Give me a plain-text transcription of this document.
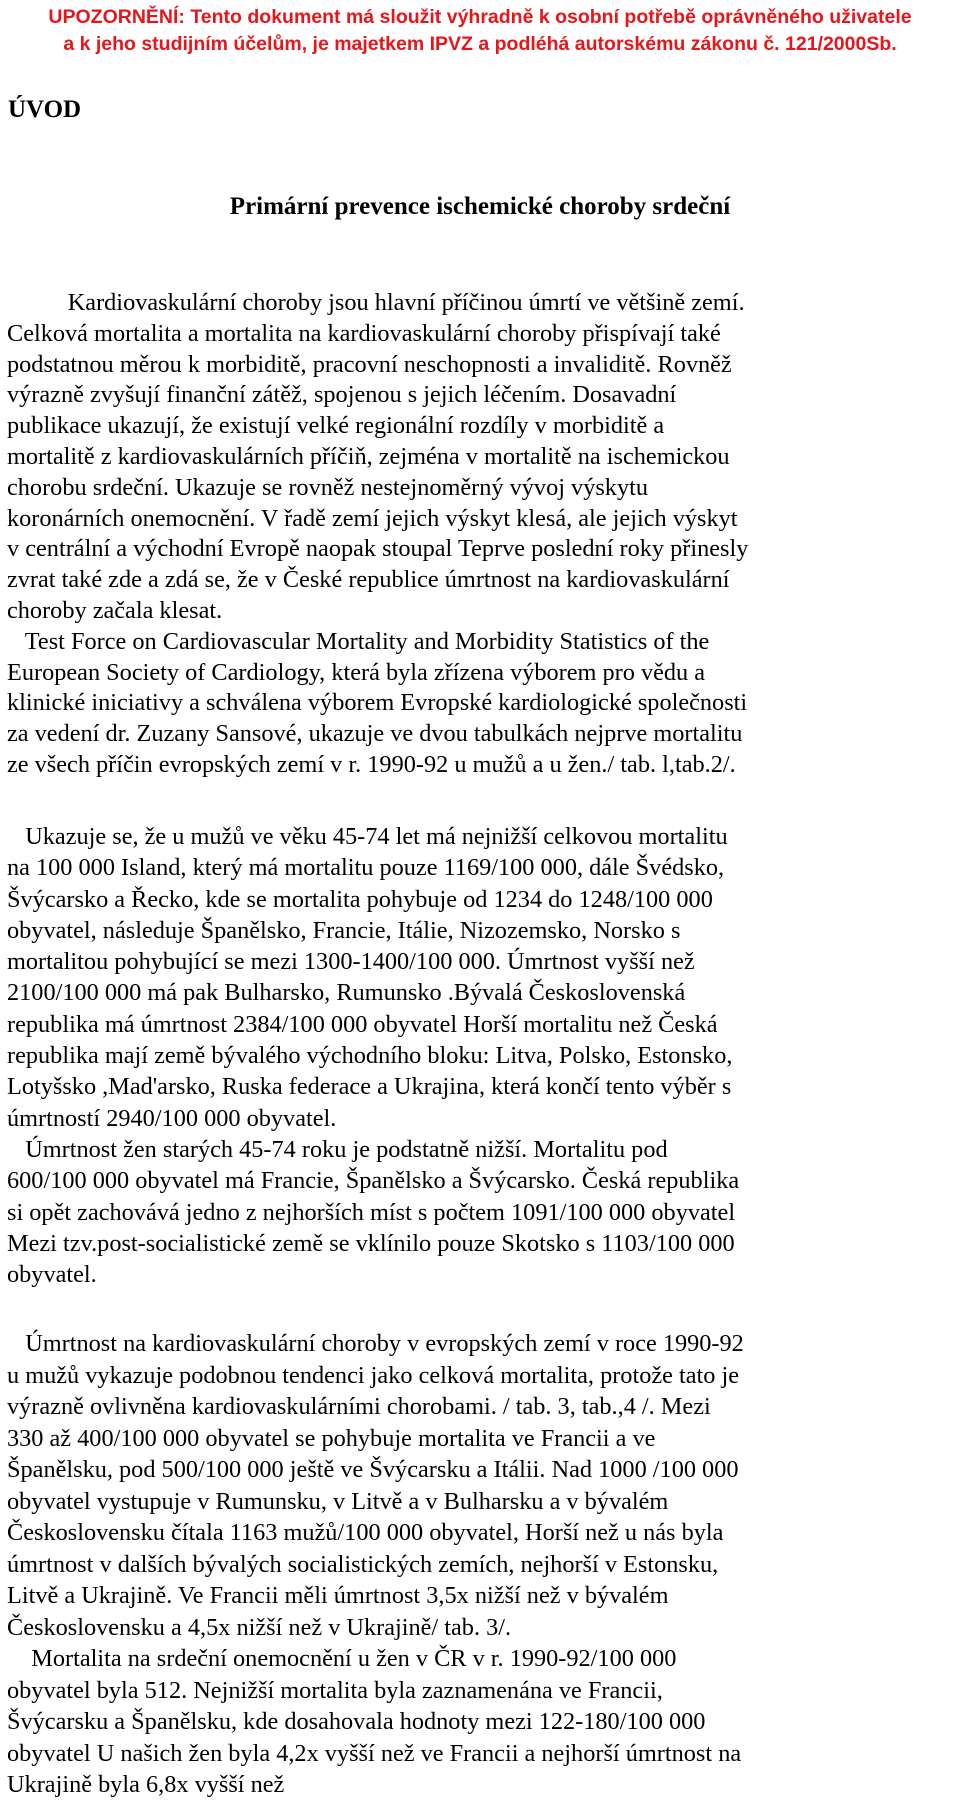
UPOZORNĚNÍ: Tento dokument má sloužit výhradně k osobní potřebě oprávněného uživatele
a k jeho studijním účelům, je majetkem IPVZ a podléhá autorskému zákonu č. 121/2000Sb.
ÚVOD
Primární prevence ischemické choroby srdeční
Kardiovaskulární choroby jsou hlavní příčinou úmrtí ve většině zemí.
Celková mortalita a mortalita na kardiovaskulární choroby přispívají také
podstatnou měrou k morbiditě, pracovní neschopnosti a invaliditě. Rovněž
výrazně zvyšují finanční zátěž, spojenou s jejich léčením. Dosavadní
publikace ukazují, že existují velké regionální rozdíly v morbiditě a
mortalitě z kardiovaskulárních příčiň, zejména v mortalitě na ischemickou
chorobu srdeční. Ukazuje se rovněž nestejnoměrný vývoj výskytu
koronárních onemocnění. V řadě zemí jejich výskyt klesá, ale jejich výskyt
v centrální a východní Evropě naopak stoupal Teprve poslední roky přinesly
zvrat také zde a zdá se, že v České republice úmrtnost na kardiovaskulární
choroby začala klesat.
Test Force on Cardiovascular Mortality and Morbidity Statistics of the
European Society of Cardiology, která byla zřízena výborem pro vědu a
klinické iniciativy a schválena výborem Evropské kardiologické společnosti
za vedení dr. Zuzany Sansové, ukazuje ve dvou tabulkách nejprve mortalitu
ze všech příčin evropských zemí v r. 1990-92 u mužů a u žen./ tab. l,tab.2/.
Ukazuje se, že u mužů ve věku 45-74 let má nejnižší celkovou mortalitu
na 100 000 Island, který má mortalitu pouze 1169/100 000, dále Švédsko,
Švýcarsko a Řecko, kde se mortalita pohybuje od 1234 do 1248/100 000
obyvatel, následuje Španělsko, Francie, Itálie, Nizozemsko, Norsko s
mortalitou pohybující se mezi 1300-1400/100 000. Úmrtnost vyšší než
2100/100 000 má pak Bulharsko, Rumunsko .Bývalá Československá
republika má úmrtnost 2384/100 000 obyvatel Horší mortalitu než Česká
republika mají země bývalého východního bloku: Litva, Polsko, Estonsko,
Lotyšsko ,Mad'arsko, Ruska federace a Ukrajina, která končí tento výběr s
úmrtností 2940/100 000 obyvatel.
Úmrtnost žen starých 45-74 roku je podstatně nižší. Mortalitu pod
600/100 000 obyvatel má Francie, Španělsko a Švýcarsko. Česká republika
si opět zachovává jedno z nejhorších míst s počtem 1091/100 000 obyvatel
Mezi tzv.post-socialistické země se vklínilo pouze Skotsko s 1103/100 000
obyvatel.
Úmrtnost na kardiovaskulární choroby v evropských zemí v roce 1990-92
u mužů vykazuje podobnou tendenci jako celková mortalita, protože tato je
výrazně ovlivněna kardiovaskulárními chorobami. / tab. 3, tab.,4 /. Mezi
330 až 400/100 000 obyvatel se pohybuje mortalita ve Francii a ve
Španělsku, pod 500/100 000 ještě ve Švýcarsku a Itálii. Nad 1000 /100 000
obyvatel vystupuje v Rumunsku, v Litvě a v Bulharsku a v bývalém
Československu čítala 1163 mužů/100 000 obyvatel, Horší než u nás byla
úmrtnost v dalších bývalých socialistických zemích, nejhorší v Estonsku,
Litvě a Ukrajině. Ve Francii měli úmrtnost 3,5x nižší než v bývalém
Československu a 4,5x nižší než v Ukrajině/ tab. 3/.
Mortalita na srdeční onemocnění u žen v ČR v r. 1990-92/100 000
obyvatel byla 512. Nejnižší mortalita byla zaznamenána ve Francii,
Švýcarsku a Španělsku, kde dosahovala hodnoty mezi 122-180/100 000
obyvatel U našich žen byla 4,2x vyšší než ve Francii a nejhorší úmrtnost na
Ukrajině byla 6,8x vyšší než
